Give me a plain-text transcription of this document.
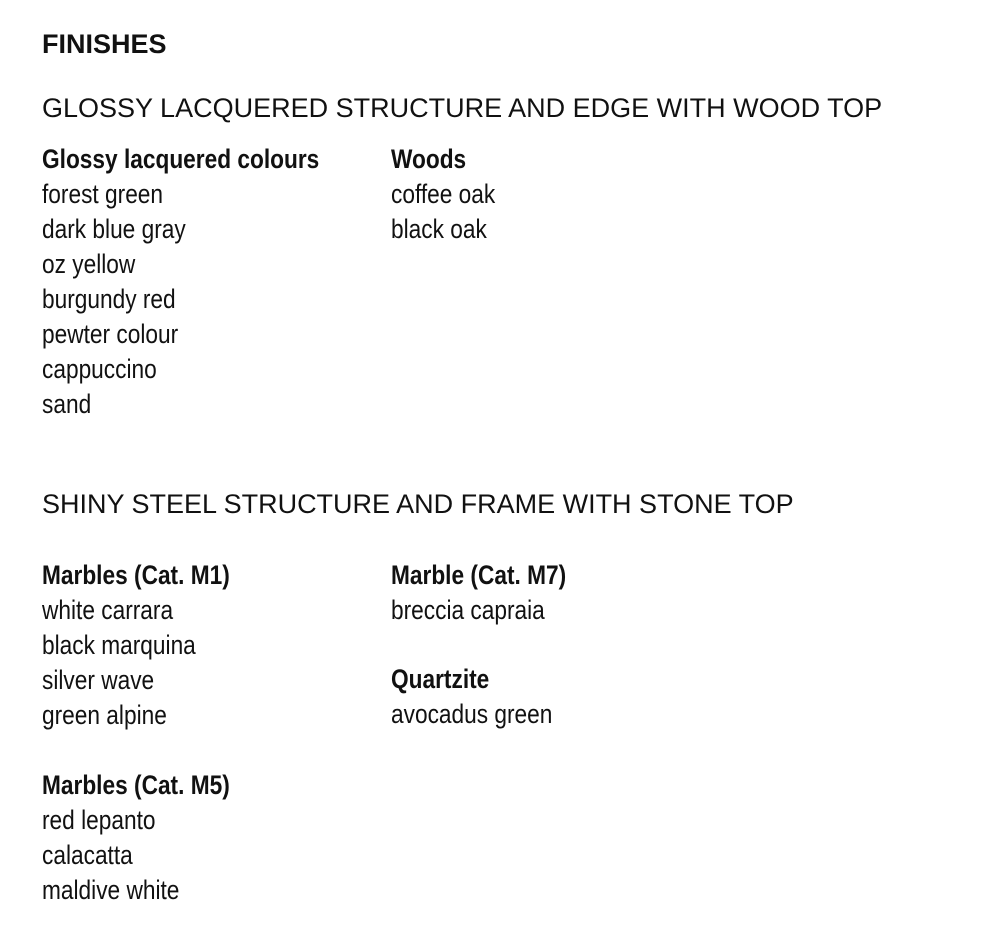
FINISHES
GLOSSY LACQUERED STRUCTURE AND EDGE WITH WOOD TOP
Glossy lacquered colours
forest green
dark blue gray
oz yellow
burgundy red
pewter colour
cappuccino
sand
Woods
coffee oak
black oak
SHINY STEEL STRUCTURE AND FRAME WITH STONE TOP
Marbles (Cat. M1)
white carrara
black marquina
silver wave
green alpine
Marble (Cat. M7)
breccia capraia
Quartzite
avocadus green
Marbles (Cat. M5)
red lepanto
calacatta
maldive white
